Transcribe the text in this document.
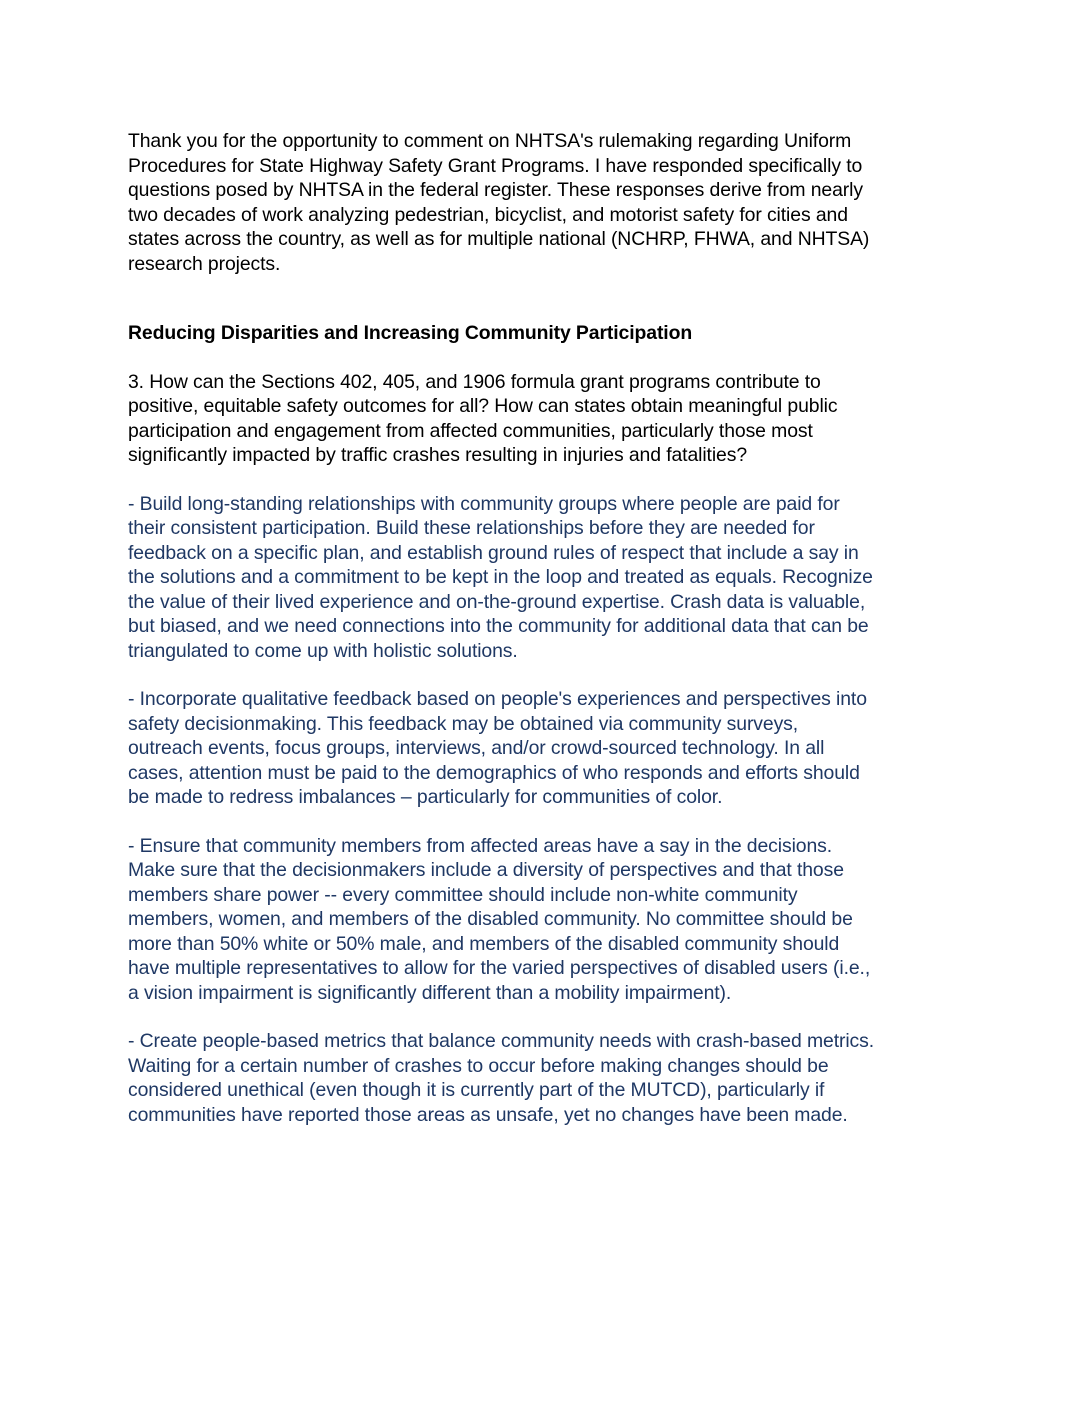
Thank you for the opportunity to comment on NHTSA's rulemaking regarding Uniform
Procedures for State Highway Safety Grant Programs. I have responded specifically to
questions posed by NHTSA in the federal register. These responses derive from nearly
two decades of work analyzing pedestrian, bicyclist, and motorist safety for cities and
states across the country, as well as for multiple national (NCHRP, FHWA, and NHTSA)
research projects.

Reducing Disparities and Increasing Community Participation

3. How can the Sections 402, 405, and 1906 formula grant programs contribute to
positive, equitable safety outcomes for all? How can states obtain meaningful public
participation and engagement from affected communities, particularly those most
significantly impacted by traffic crashes resulting in injuries and fatalities?

- Build long-standing relationships with community groups where people are paid for
their consistent participation. Build these relationships before they are needed for
feedback on a specific plan, and establish ground rules of respect that include a say in
the solutions and a commitment to be kept in the loop and treated as equals. Recognize
the value of their lived experience and on-the-ground expertise. Crash data is valuable,
but biased, and we need connections into the community for additional data that can be
triangulated to come up with holistic solutions.

- Incorporate qualitative feedback based on people's experiences and perspectives into
safety decisionmaking. This feedback may be obtained via community surveys,
outreach events, focus groups, interviews, and/or crowd-sourced technology. In all
cases, attention must be paid to the demographics of who responds and efforts should
be made to redress imbalances – particularly for communities of color.

- Ensure that community members from affected areas have a say in the decisions.
Make sure that the decisionmakers include a diversity of perspectives and that those
members share power -- every committee should include non-white community
members, women, and members of the disabled community. No committee should be
more than 50% white or 50% male, and members of the disabled community should
have multiple representatives to allow for the varied perspectives of disabled users (i.e.,
a vision impairment is significantly different than a mobility impairment).

- Create people-based metrics that balance community needs with crash-based metrics.
Waiting for a certain number of crashes to occur before making changes should be
considered unethical (even though it is currently part of the MUTCD), particularly if
communities have reported those areas as unsafe, yet no changes have been made.
